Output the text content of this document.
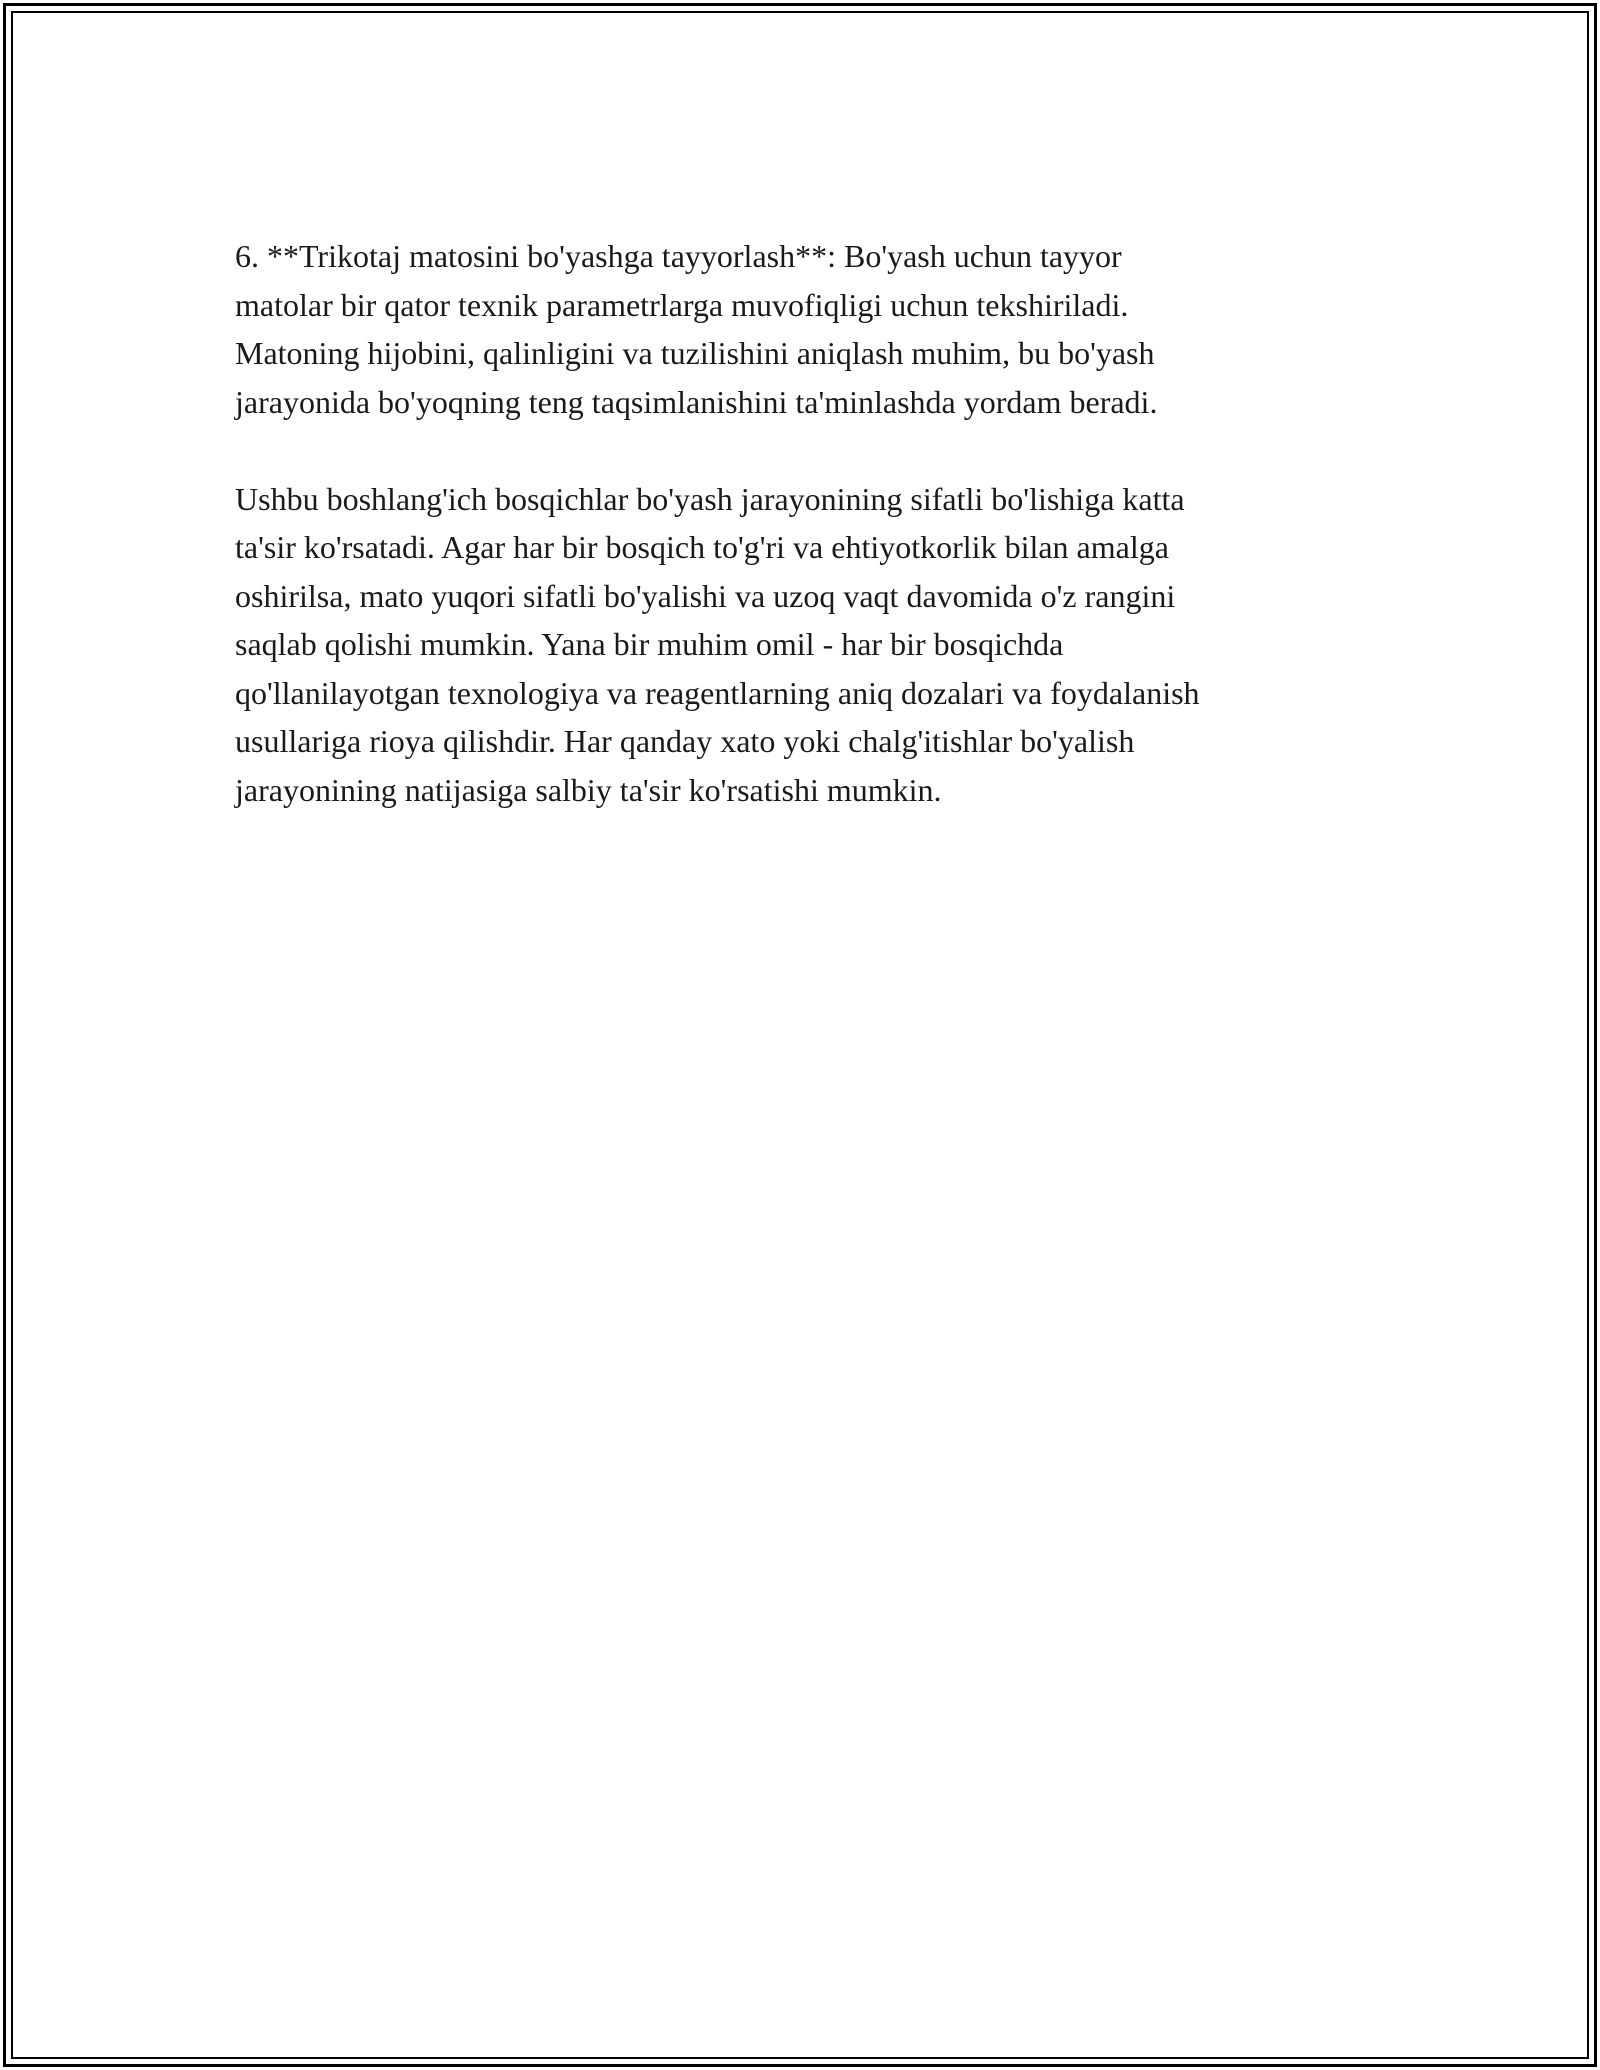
6. **Trikotaj matosini bo'yashga tayyorlash**: Bo'yash uchun tayyor
matolar bir qator texnik parametrlarga muvofiqligi uchun tekshiriladi.
Matoning hijobini, qalinligini va tuzilishini aniqlash muhim, bu bo'yash
jarayonida bo'yoqning teng taqsimlanishini ta'minlashda yordam beradi.

Ushbu boshlang'ich bosqichlar bo'yash jarayonining sifatli bo'lishiga katta
ta'sir ko'rsatadi. Agar har bir bosqich to'g'ri va ehtiyotkorlik bilan amalga
oshirilsa, mato yuqori sifatli bo'yalishi va uzoq vaqt davomida o'z rangini
saqlab qolishi mumkin. Yana bir muhim omil - har bir bosqichda
qo'llanilayotgan texnologiya va reagentlarning aniq dozalari va foydalanish
usullariga rioya qilishdir. Har qanday xato yoki chalg'itishlar bo'yalish
jarayonining natijasiga salbiy ta'sir ko'rsatishi mumkin.
